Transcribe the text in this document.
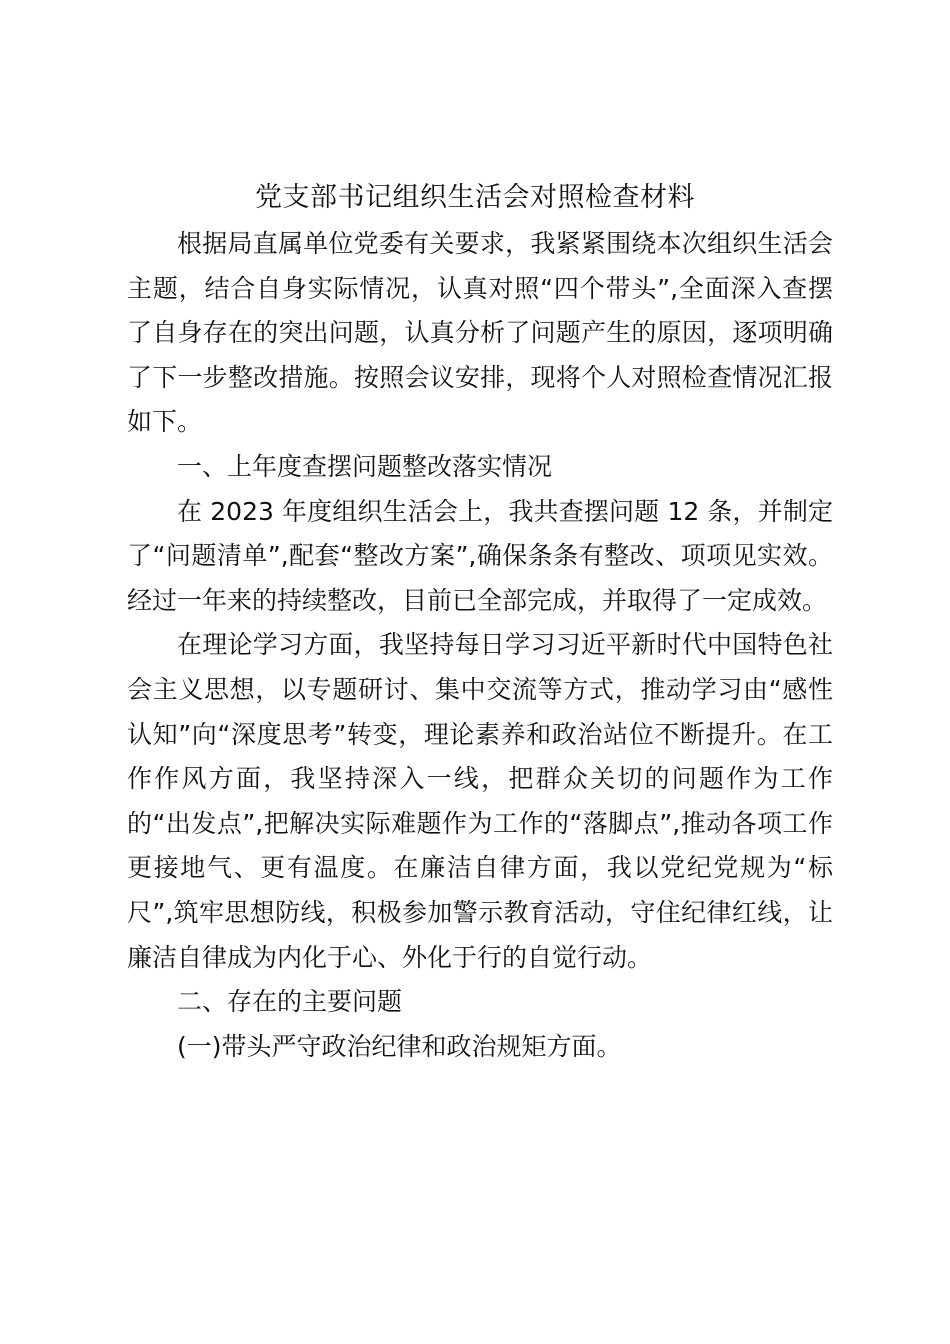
党支部书记组织生活会对照检查材料

根据局直属单位党委有关要求，我紧紧围绕本次组织生活会主题，结合自身实际情况，认真对照“四个带头”,全面深入查摆了自身存在的突出问题，认真分析了问题产生的原因，逐项明确了下一步整改措施。按照会议安排，现将个人对照检查情况汇报如下。

一、上年度查摆问题整改落实情况

在 2023 年度组织生活会上，我共查摆问题 12 条，并制定了“问题清单”,配套“整改方案”,确保条条有整改、项项见实效。经过一年来的持续整改，目前已全部完成，并取得了一定成效。

在理论学习方面，我坚持每日学习习近平新时代中国特色社会主义思想，以专题研讨、集中交流等方式，推动学习由“感性认知”向“深度思考”转变，理论素养和政治站位不断提升。在工作作风方面，我坚持深入一线，把群众关切的问题作为工作的“出发点”,把解决实际难题作为工作的“落脚点”,推动各项工作更接地气、更有温度。在廉洁自律方面，我以党纪党规为“标尺”,筑牢思想防线，积极参加警示教育活动，守住纪律红线，让廉洁自律成为内化于心、外化于行的自觉行动。

二、存在的主要问题

(一)带头严守政治纪律和政治规矩方面。
